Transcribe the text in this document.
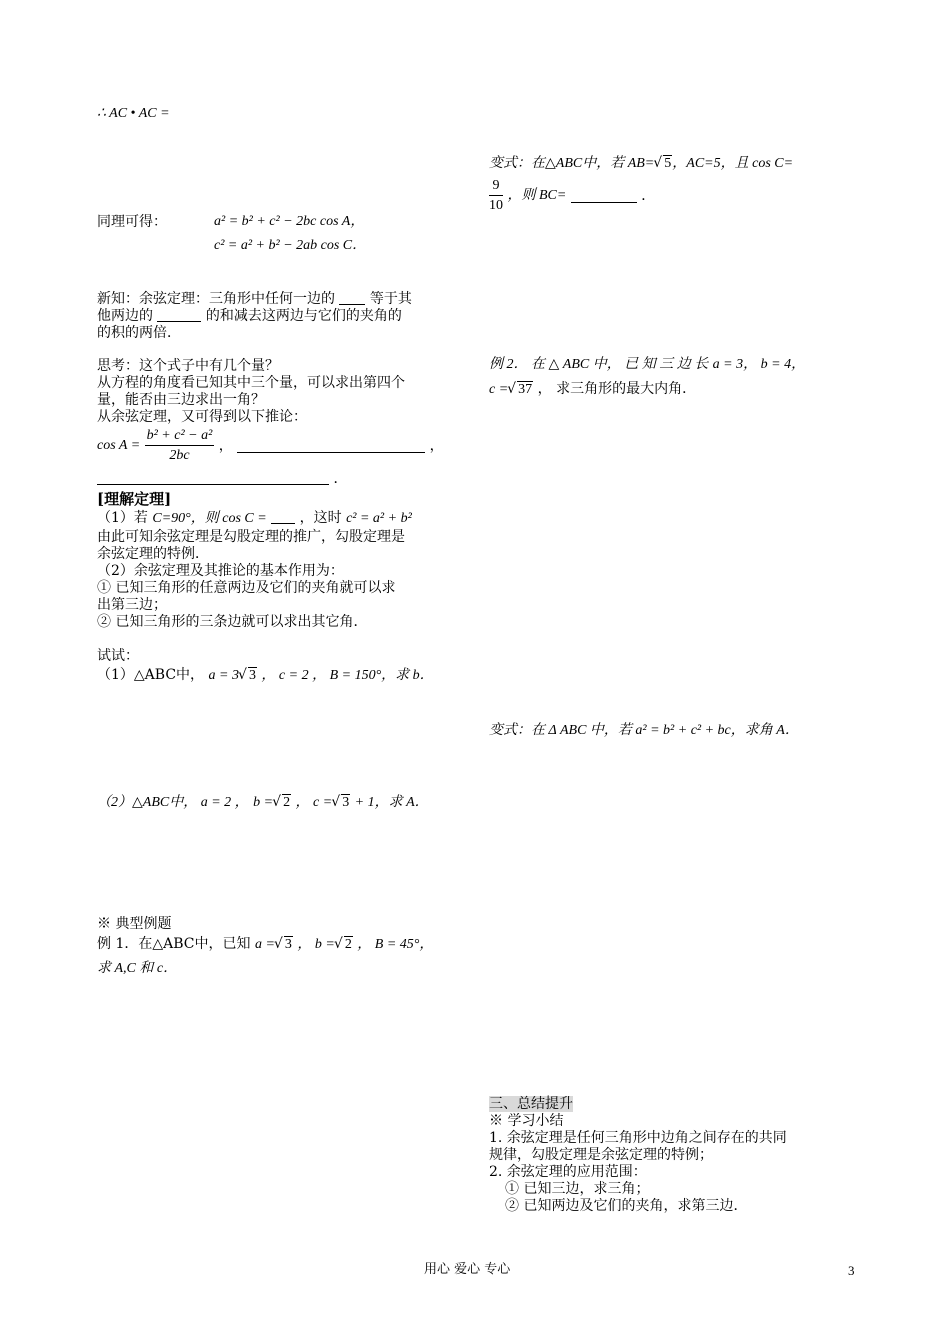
∴ AC • AC =
同理可得：	a² = b² + c² − 2bc cos A，
c² = a² + b² − 2ab cos C．
新知：余弦定理：三角形中任何一边的 等于其
他两边的	的和减去这两边与它们的夹角的
的积的两倍．
思考：这个式子中有几个量？
从方程的角度看已知其中三个量，可以求出第四个
量，能否由三边求出一角？
从余弦定理，又可得到以下推论：
$\cos A = \frac{\text{b² + c² − a²}}{2bc}$ ，	，
．
[理解定理]
（1）若 C=90°，则 cos C = ，这时 c² = a² + b²
由此可知余弦定理是勾股定理的推广，勾股定理是
余弦定理的特例．
（2）余弦定理及其推论的基本作用为：
① 已知三角形的任意两边及它们的夹角就可以求
出第三边；
② 已知三角形的三条边就可以求出其它角．
试试：
（1）△ABC中， a = 3 √ 3 ， c = 2 ， B = 150°，求 b．
（2）△ABC中， a = 2 ， b = √ 2 ， c = √ 3 + 1，求 A．
※ 典型例题
例 1．在△ABC中，已知 a = √ 3 ， b = √ 2 ， B = 45°，
求 A,C 和 c．
变式：在△ABC中，若 AB= √ 5，AC=5，且 cos C=
$\frac{9}{10}$ ，则 BC=	．
例 2． 在 △ ABC 中， 已 知 三 边 长 a = 3， b = 4，
c = √ 37 ， 求三角形的最大内角．
变式：在 Δ ABC 中，若 a² = b² + c² + bc，求角 A．
三、总结提升
※ 学习小结
1. 余弦定理是任何三角形中边角之间存在的共同
规律，勾股定理是余弦定理的特例；
2. 余弦定理的应用范围：
① 已知三边，求三角；
② 已知两边及它们的夹角，求第三边．
用心 爱心 专心	3
